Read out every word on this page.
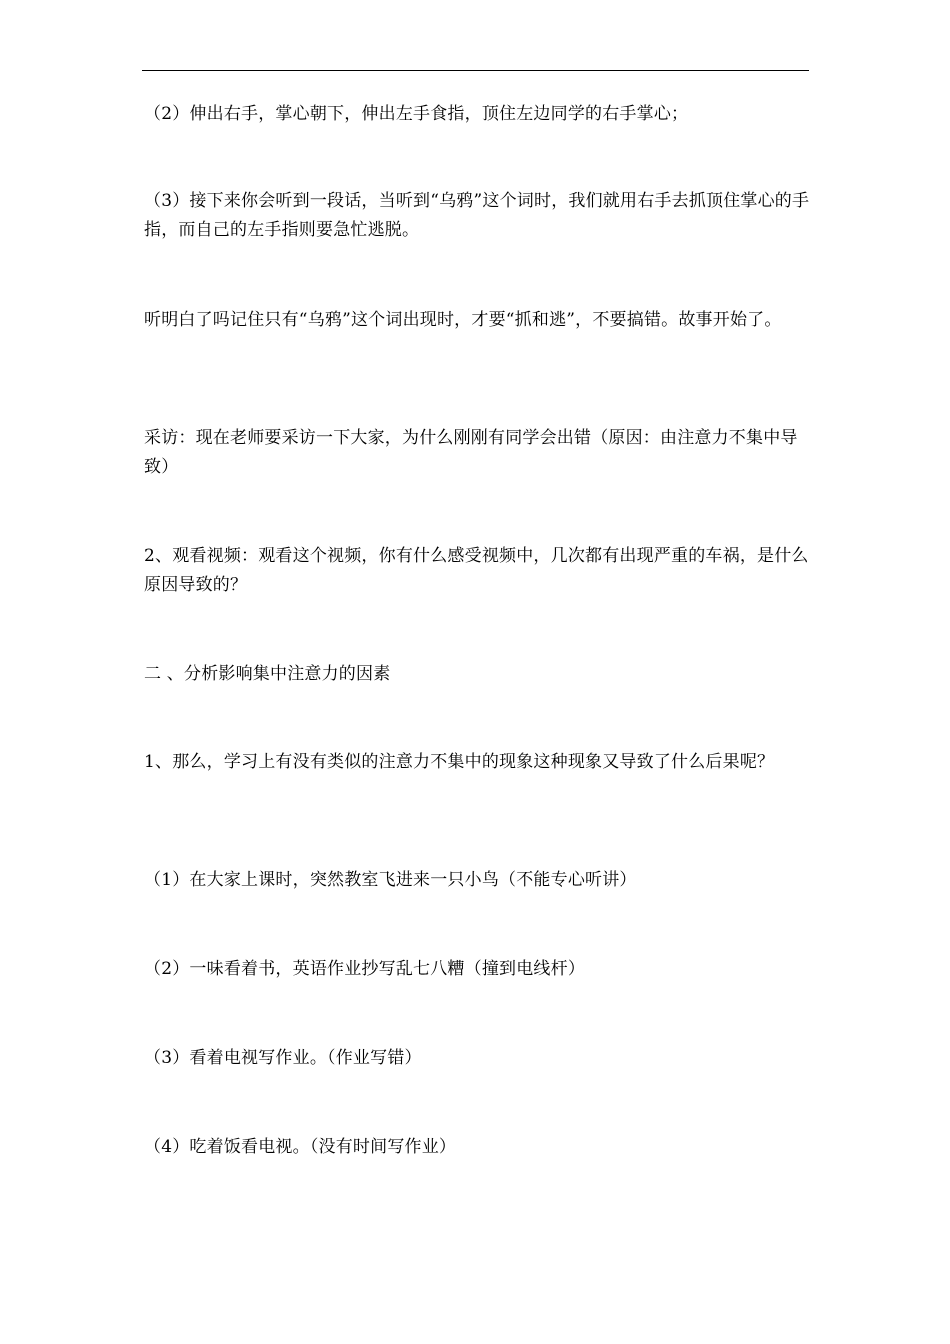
（2）伸出右手，掌心朝下，伸出左手食指，顶住左边同学的右手掌心；

（3）接下来你会听到一段话，当听到“乌鸦”这个词时，我们就用右手去抓顶住掌心的手指，而自己的左手指则要急忙逃脱。

听明白了吗记住只有“乌鸦”这个词出现时，才要“抓和逃”，不要搞错。故事开始了。

采访：现在老师要采访一下大家，为什么刚刚有同学会出错（原因：由注意力不集中导致）

2、观看视频：观看这个视频，你有什么感受视频中，几次都有出现严重的车祸，是什么原因导致的？

二 、分析影响集中注意力的因素

1、那么，学习上有没有类似的注意力不集中的现象这种现象又导致了什么后果呢？

（1）在大家上课时，突然教室飞进来一只小鸟（不能专心听讲）

（2）一味看着书，英语作业抄写乱七八糟（撞到电线杆）

（3）看着电视写作业。（作业写错）

（4）吃着饭看电视。（没有时间写作业）
